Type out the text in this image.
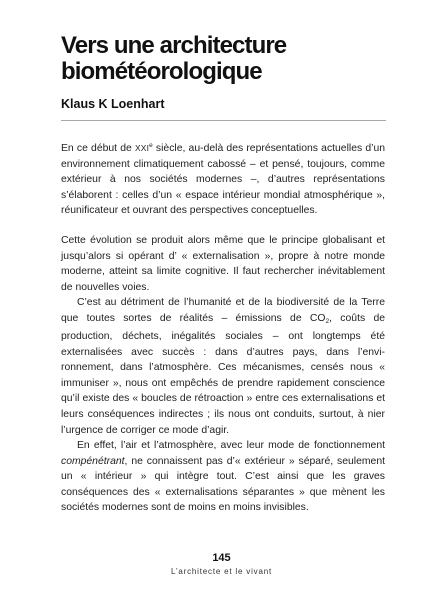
Vers une architecture
biométéorologique
Klaus K Loenhart

En ce début de XXIe siècle, au-delà des représentations actuelles d’un environnement climatiquement cabossé – et pensé, toujours, comme extérieur à nos sociétés modernes –, d’autres représentations s’élaborent : celles d’un « espace intérieur mondial atmosphérique », réunificateur et ouvrant des perspectives conceptuelles.

Cette évolution se produit alors même que le principe globalisant et jusqu’alors si opérant d’ « externalisation », propre à notre monde moderne, atteint sa limite cognitive. Il faut rechercher inévitablement de nouvelles voies.

C’est au détriment de l’humanité et de la biodiversité de la Terre que toutes sortes de réalités – émissions de $CO_2$, coûts de production, déchets, inégalités sociales – ont longtemps été externalisées avec succès : dans d’autres pays, dans l’environnement, dans l’atmosphère. Ces mécanismes, censés nous « immuniser », nous ont empêchés de prendre rapidement conscience qu’il existe des « boucles de rétroaction » entre ces externalisations et leurs conséquences indirectes ; ils nous ont conduits, surtout, à nier l’urgence de corriger ce mode d’agir.

En effet, l’air et l’atmosphère, avec leur mode de fonctionnement compénétrant, ne connaissent pas d’« extérieur » séparé, seulement un « intérieur » qui intègre tout. C’est ainsi que les graves conséquences des « externalisations séparantes » que mènent les sociétés modernes sont de moins en moins invisibles.

145
L’architecte et le vivant
